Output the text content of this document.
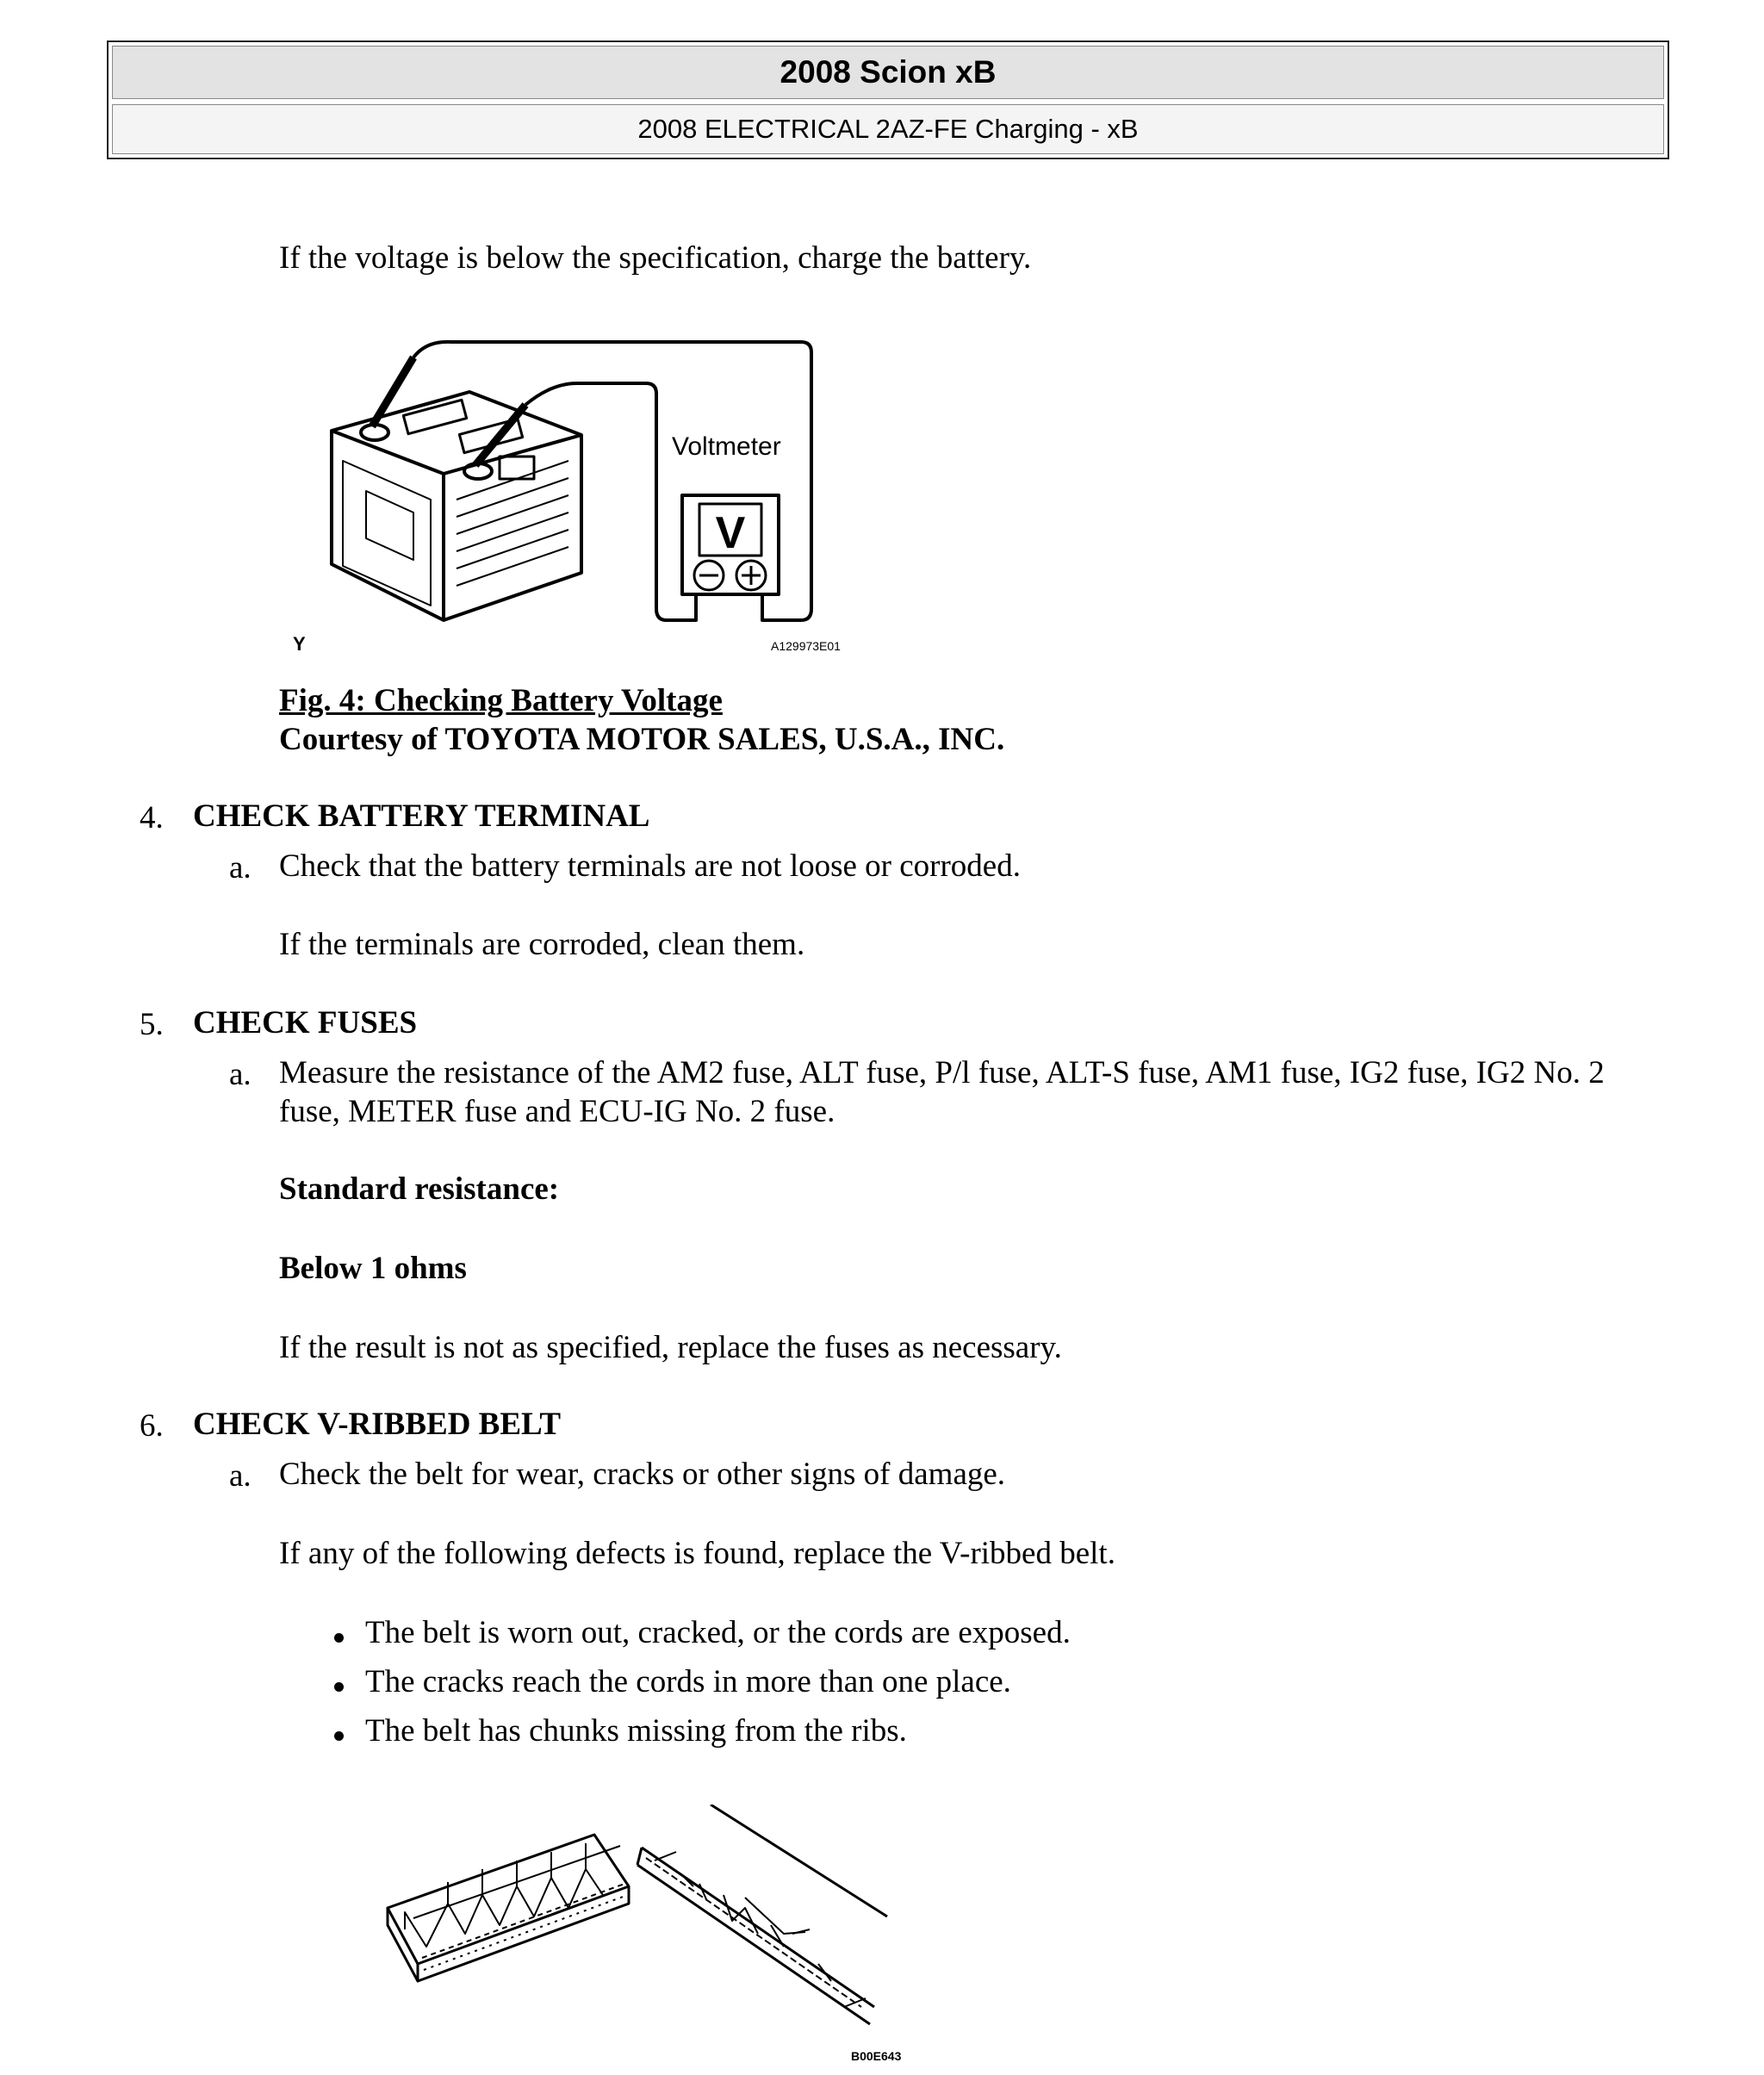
2008 Scion xB
2008 ELECTRICAL 2AZ-FE Charging - xB
If the voltage is below the specification, charge the battery.
Voltmeter
V
Y	A129973E01
Fig. 4: Checking Battery Voltage
Courtesy of TOYOTA MOTOR SALES, U.S.A., INC.
4. CHECK BATTERY TERMINAL
a. Check that the battery terminals are not loose or corroded.
If the terminals are corroded, clean them.
5. CHECK FUSES
a. Measure the resistance of the AM2 fuse, ALT fuse, P/l fuse, ALT-S fuse, AM1 fuse, IG2 fuse, IG2 No. 2 fuse, METER fuse and ECU-IG No. 2 fuse.
Standard resistance:
Below 1 ohms
If the result is not as specified, replace the fuses as necessary.
6. CHECK V-RIBBED BELT
a. Check the belt for wear, cracks or other signs of damage.
If any of the following defects is found, replace the V-ribbed belt.
The belt is worn out, cracked, or the cords are exposed.
The cracks reach the cords in more than one place.
The belt has chunks missing from the ribs.
B00E643
